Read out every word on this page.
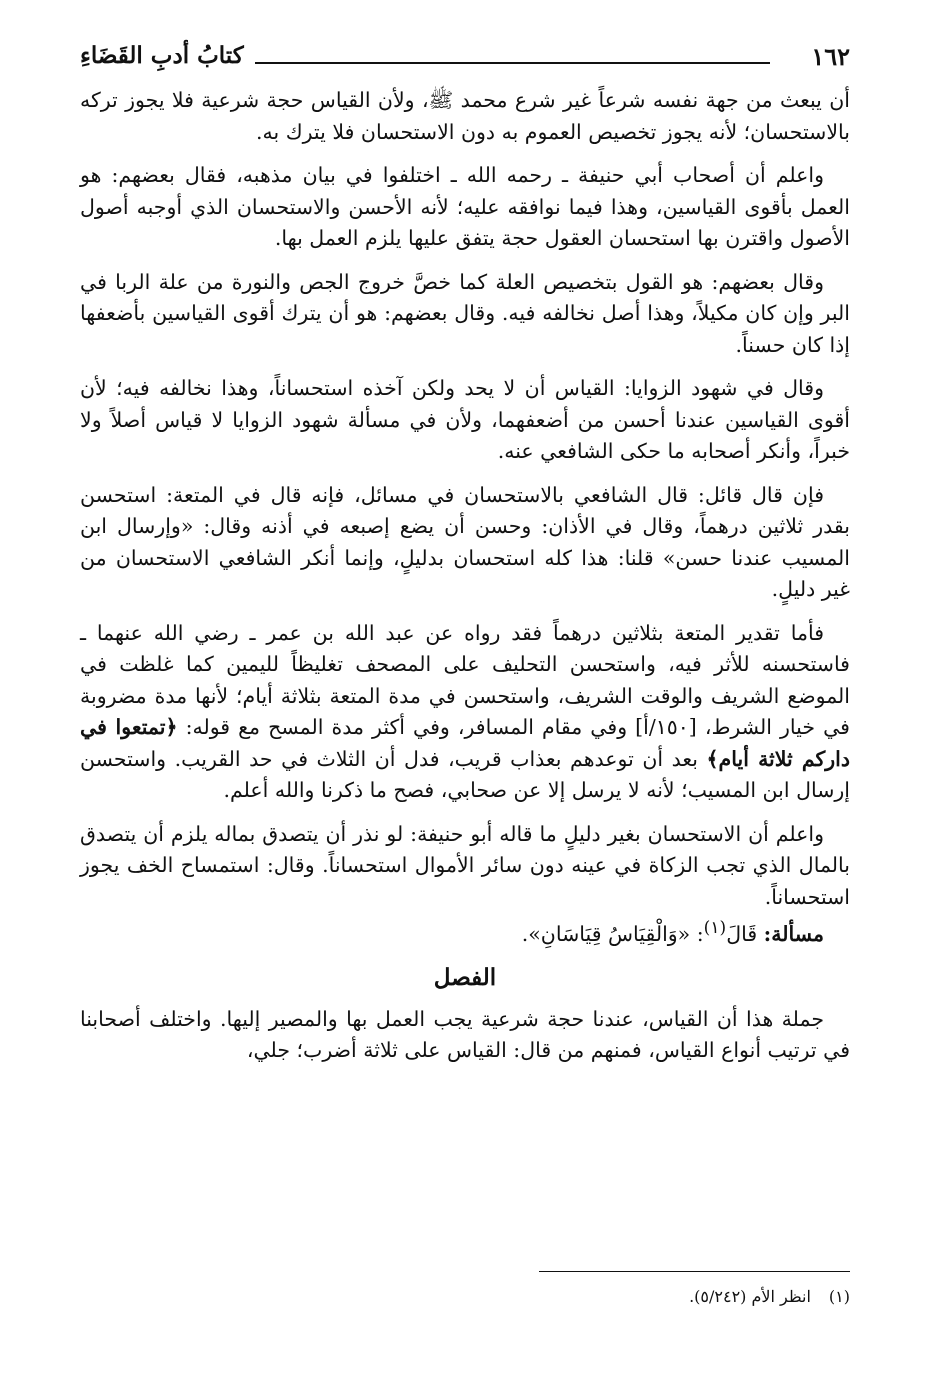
١٦٢
كتابُ أدبِ القَضَاءِ

أن يبعث من جهة نفسه شرعاً غير شرع محمد ﷺ، ولأن القياس حجة شرعية فلا يجوز تركه بالاستحسان؛ لأنه يجوز تخصيص العموم به دون الاستحسان فلا يترك به.

واعلم أن أصحاب أبي حنيفة ـ رحمه الله ـ اختلفوا في بيان مذهبه، فقال بعضهم: هو العمل بأقوى القياسين، وهذا فيما نوافقه عليه؛ لأنه الأحسن والاستحسان الذي أوجبه أصول الأصول واقترن بها استحسان العقول حجة يتفق عليها يلزم العمل بها.

وقال بعضهم: هو القول بتخصيص العلة كما خصَّ خروج الجص والنورة من علة الربا في البر وإن كان مكيلاً، وهذا أصل نخالفه فيه. وقال بعضهم: هو أن يترك أقوى القياسين بأضعفها إذا كان حسناً.

وقال في شهود الزوايا: القياس أن لا يحد ولكن آخذه استحساناً، وهذا نخالفه فيه؛ لأن أقوى القياسين عندنا أحسن من أضعفهما، ولأن في مسألة شهود الزوايا لا قياس أصلاً ولا خبراً، وأنكر أصحابه ما حكى الشافعي عنه.

فإن قال قائل: قال الشافعي بالاستحسان في مسائل، فإنه قال في المتعة: استحسن بقدر ثلاثين درهماً، وقال في الأذان: وحسن أن يضع إصبعه في أذنه وقال: «وإرسال ابن المسيب عندنا حسن» قلنا: هذا كله استحسان بدليلٍ، وإنما أنكر الشافعي الاستحسان من غير دليلٍ.

فأما تقدير المتعة بثلاثين درهماً فقد رواه عن عبد الله بن عمر ـ رضي الله عنهما ـ فاستحسنه للأثر فيه، واستحسن التحليف على المصحف تغليظاً لليمين كما غلظت في الموضع الشريف والوقت الشريف، واستحسن في مدة المتعة بثلاثة أيام؛ لأنها مدة مضروبة في خيار الشرط، [١٥٠/أ] وفي مقام المسافر، وفي أكثر مدة المسح مع قوله: ﴿تمتعوا في داركم ثلاثة أيام﴾ بعد أن توعدهم بعذاب قريب، فدل أن الثلاث في حد القريب. واستحسن إرسال ابن المسيب؛ لأنه لا يرسل إلا عن صحابي، فصح ما ذكرنا والله أعلم.

واعلم أن الاستحسان بغير دليلٍ ما قاله أبو حنيفة: لو نذر أن يتصدق بماله يلزم أن يتصدق بالمال الذي تجب الزكاة في عينه دون سائر الأموال استحساناً. وقال: استمساح الخف يجوز استحساناً.

مسألة: قَالَ$^{(١)}$: «وَالْقِيَاسُ قِيَاسَانِ».

الفصل

جملة هذا أن القياس، عندنا حجة شرعية يجب العمل بها والمصير إليها. واختلف أصحابنا في ترتيب أنواع القياس، فمنهم من قال: القياس على ثلاثة أضرب؛ جلي،

(١)انظر الأم (٥/٢٤٢).
